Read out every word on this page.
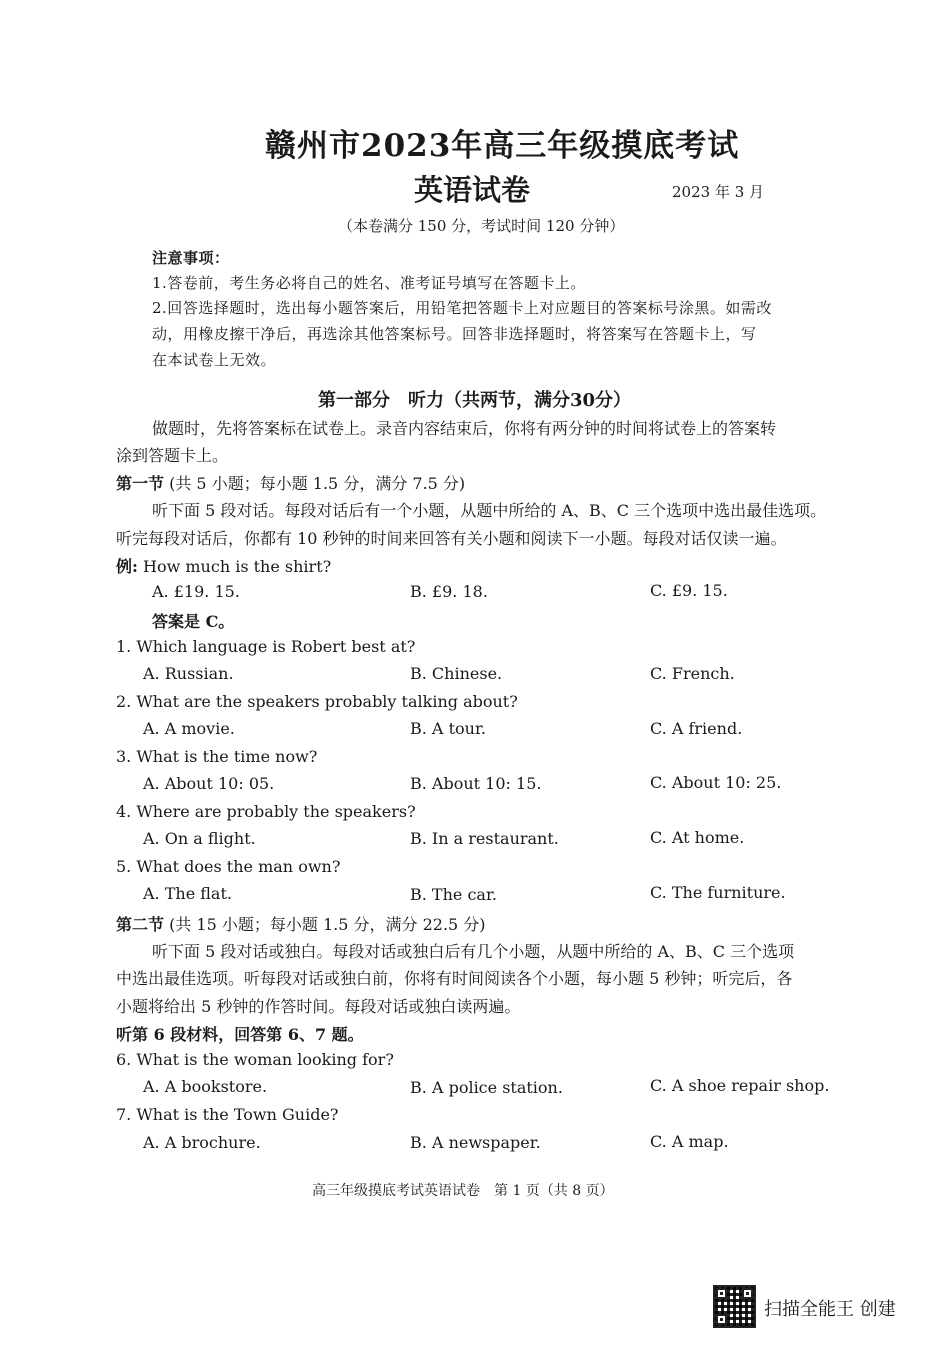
赣州市2023年高三年级摸底考试
英语试卷	2023 年 3 月
（本卷满分 150 分，考试时间 120 分钟）
注意事项：
1.答卷前，考生务必将自己的姓名、准考证号填写在答题卡上。
2.回答选择题时，选出每小题答案后，用铅笔把答题卡上对应题目的答案标号涂黑。如需改
动，用橡皮擦干净后，再选涂其他答案标号。回答非选择题时，将答案写在答题卡上，写
在本试卷上无效。
第一部分　听力（共两节，满分30分）
做题时，先将答案标在试卷上。录音内容结束后，你将有两分钟的时间将试卷上的答案转
涂到答题卡上。
第一节 (共 5 小题；每小题 1.5 分，满分 7.5 分)
听下面 5 段对话。每段对话后有一个小题，从题中所给的 A、B、C 三个选项中选出最佳选项。
听完每段对话后，你都有 10 秒钟的时间来回答有关小题和阅读下一小题。每段对话仅读一遍。
例: How much is the shirt?
A. £19. 15.	B. £9. 18.	C. £9. 15.
答案是 C。
1. Which language is Robert best at?
A. Russian.	B. Chinese.	C. French.
2. What are the speakers probably talking about?
A. A movie.	B. A tour.	C. A friend.
3. What is the time now?
A. About 10: 05.	B. About 10: 15.	C. About 10: 25.
4. Where are probably the speakers?
A. On a flight.	B. In a restaurant.	C. At home.
5. What does the man own?
A. The flat.	B. The car.	C. The furniture.
第二节 (共 15 小题；每小题 1.5 分，满分 22.5 分)
听下面 5 段对话或独白。每段对话或独白后有几个小题，从题中所给的 A、B、C 三个选项
中选出最佳选项。听每段对话或独白前，你将有时间阅读各个小题，每小题 5 秒钟；听完后，各
小题将给出 5 秒钟的作答时间。每段对话或独白读两遍。
听第 6 段材料，回答第 6、7 题。
6. What is the woman looking for?
A. A bookstore.	B. A police station.	C. A shoe repair shop.
7. What is the Town Guide?
A. A brochure.	B. A newspaper.	C. A map.
高三年级摸底考试英语试卷　第 1 页（共 8 页）
扫描全能王 创建
